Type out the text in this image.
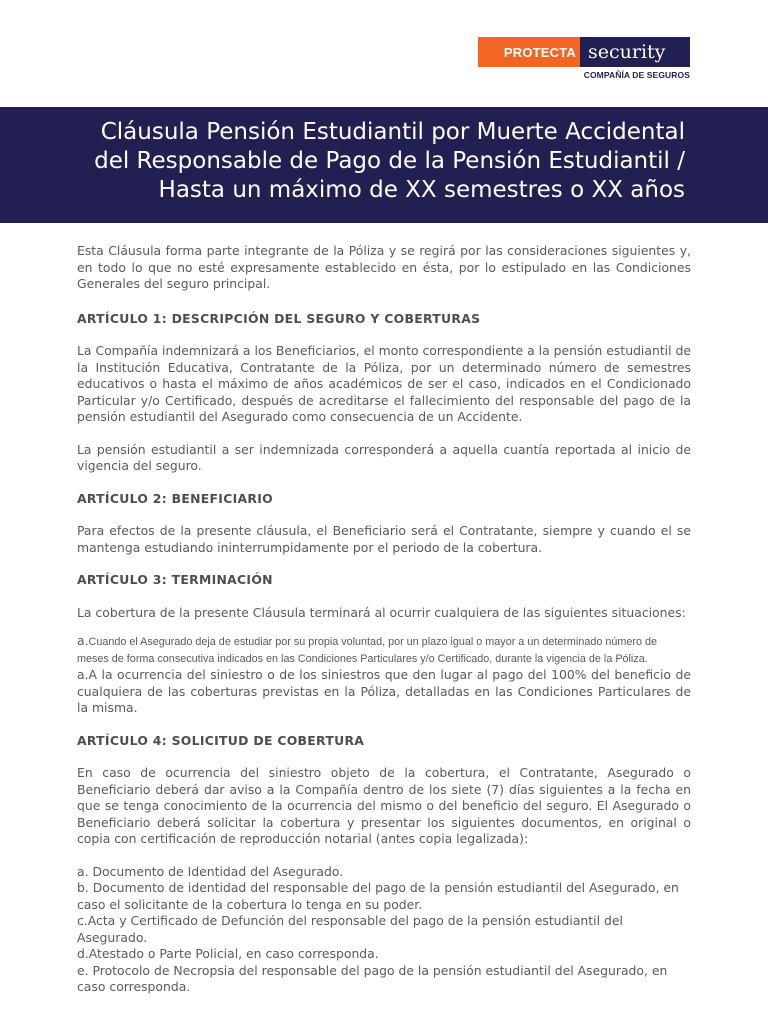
PROTECTA security
COMPAÑÍA DE SEGUROS
Cláusula Pensión Estudiantil por Muerte Accidental del Responsable de Pago de la Pensión Estudiantil / Hasta un máximo de XX semestres o XX años

Esta Cláusula forma parte integrante de la Póliza y se regirá por las consideraciones siguientes y, en todo lo que no esté expresamente establecido en ésta, por lo estipulado en las Condiciones Generales del seguro principal.

ARTÍCULO 1: DESCRIPCIÓN DEL SEGURO Y COBERTURAS

La Compañía indemnizará a los Beneficiarios, el monto correspondiente a la pensión estudiantil de la Institución Educativa, Contratante de la Póliza, por un determinado número de semestres educativos o hasta el máximo de años académicos de ser el caso, indicados en el Condicionado Particular y/o Certificado, después de acreditarse el fallecimiento del responsable del pago de la pensión estudiantil del Asegurado como consecuencia de un Accidente.

La pensión estudiantil a ser indemnizada corresponderá a aquella cuantía reportada al inicio de vigencia del seguro.

ARTÍCULO 2: BENEFICIARIO

Para efectos de la presente cláusula, el Beneficiario será el Contratante, siempre y cuando el se mantenga estudiando ininterrumpidamente por el periodo de la cobertura.

ARTÍCULO 3: TERMINACIÓN

La cobertura de la presente Cláusula terminará al ocurrir cualquiera de las siguientes situaciones:

a.Cuando el Asegurado deja de estudiar por su propia voluntad, por un plazo igual o mayor a un determinado número de meses de forma consecutiva indicados en las Condiciones Particulares y/o Certificado, durante la vigencia de la Póliza.

a.A la ocurrencia del siniestro o de los siniestros que den lugar al pago del 100% del beneficio de cualquiera de las coberturas previstas en la Póliza, detalladas en las Condiciones Particulares de la misma.

ARTÍCULO 4: SOLICITUD DE COBERTURA

En caso de ocurrencia del siniestro objeto de la cobertura, el Contratante, Asegurado o Beneficiario deberá dar aviso a la Compañía dentro de los siete (7) días siguientes a la fecha en que se tenga conocimiento de la ocurrencia del mismo o del beneficio del seguro. El Asegurado o Beneficiario deberá solicitar la cobertura y presentar los siguientes documentos, en original o copia con certificación de reproducción notarial (antes copia legalizada):

a. Documento de Identidad del Asegurado.

b. Documento de identidad del responsable del pago de la pensión estudiantil del Asegurado, en caso el solicitante de la cobertura lo tenga en su poder.

c.Acta y Certificado de Defunción del responsable del pago de la pensión estudiantil del Asegurado.

d.Atestado o Parte Policial, en caso corresponda.

e. Protocolo de Necropsia del responsable del pago de la pensión estudiantil del Asegurado, en caso corresponda.
